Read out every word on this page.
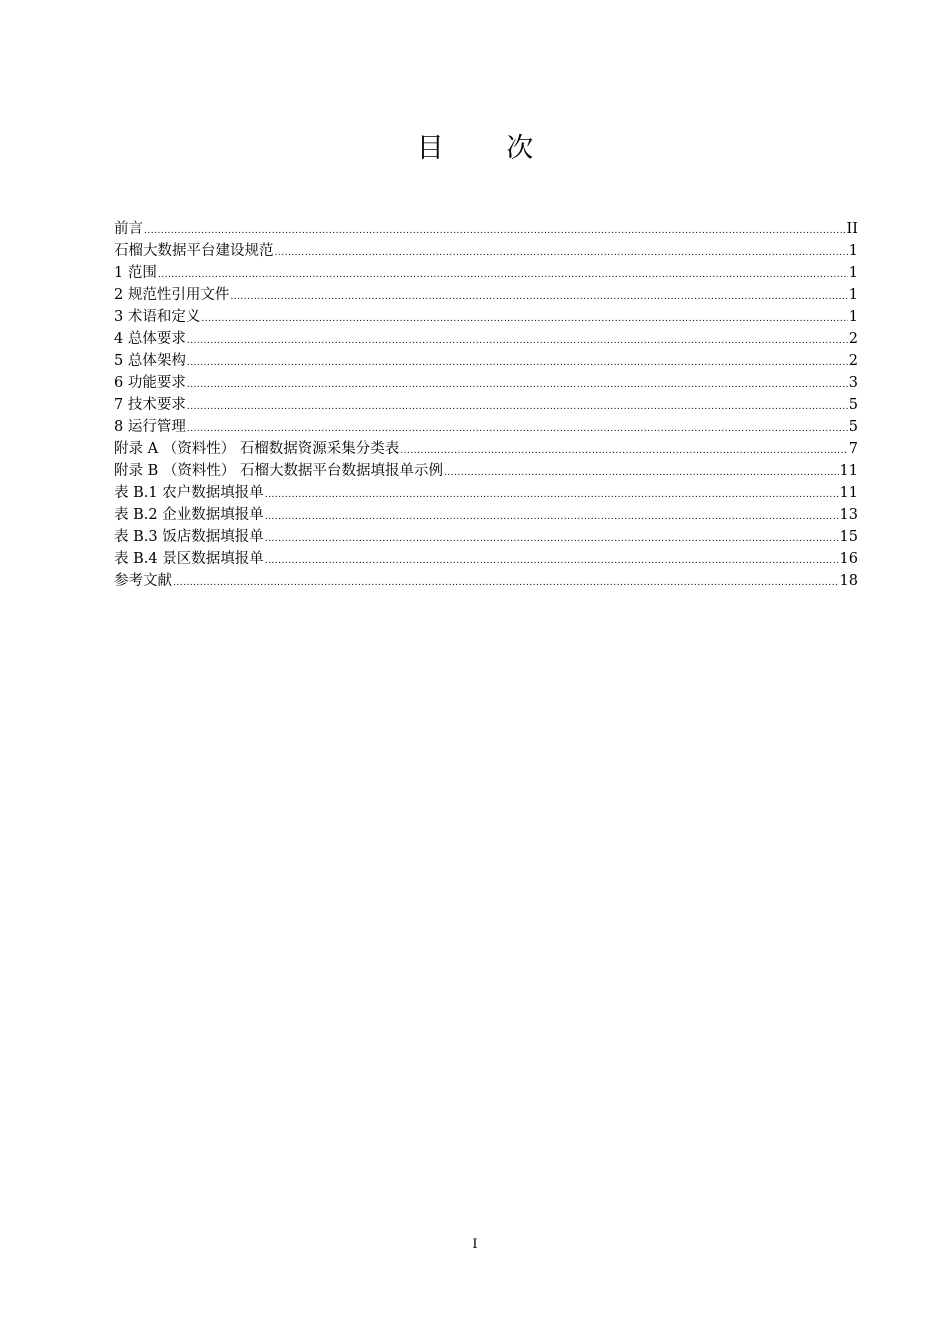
目 次
前言 .....	II
石榴大数据平台建设规范 .....	1
1 范围 .....	1
2 规范性引用文件 .....	1
3 术语和定义 .....	1
4 总体要求 .....	2
5 总体架构 .....	2
6 功能要求 .....	3
7 技术要求 .....	5
8 运行管理 .....	5
附录 A （资料性） 石榴数据资源采集分类表 .....	7
附录 B （资料性） 石榴大数据平台数据填报单示例 .....	11
表 B.1 农户数据填报单 .....	11
表 B.2 企业数据填报单 .....	13
表 B.3 饭店数据填报单 .....	15
表 B.4 景区数据填报单 .....	16
参考文献 .....	18
I
